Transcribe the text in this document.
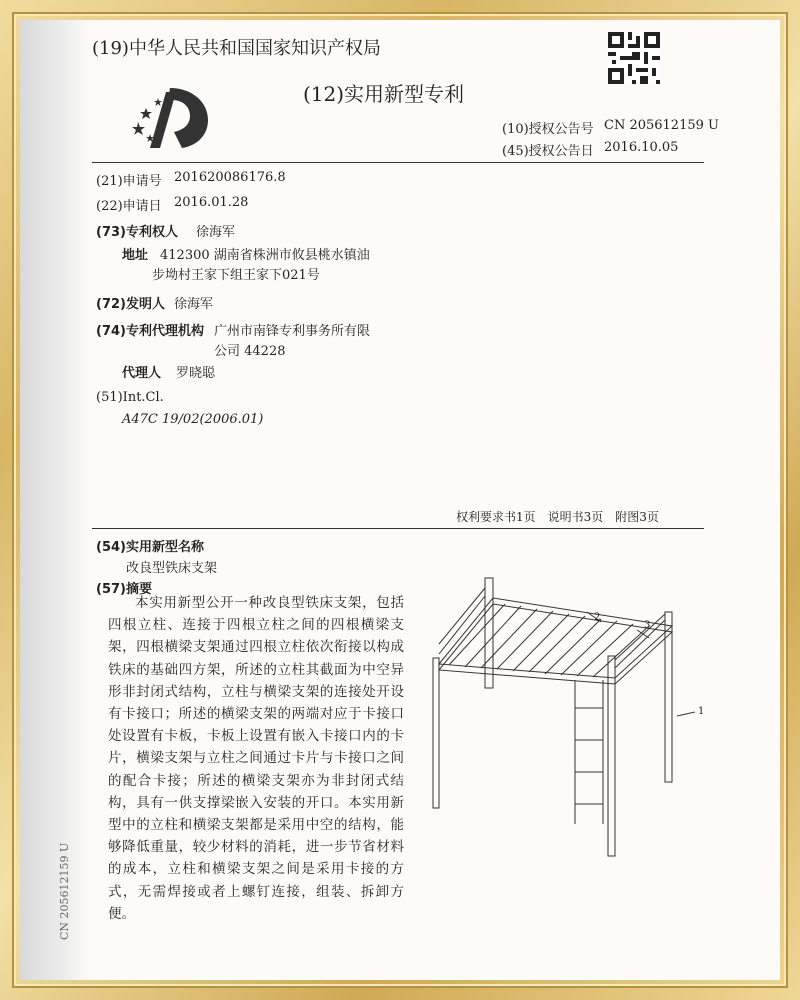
(19)中华人民共和国国家知识产权局
(12)实用新型专利
(10)授权公告号 CN 205612159 U
(45)授权公告日 2016.10.05
(21)申请号 201620086176.8
(22)申请日 2016.01.28
(73)专利权人 徐海军
地址 412300 湖南省株洲市攸县桃水镇油
步坳村王家下组王家下021号
(72)发明人 徐海军
(74)专利代理机构 广州市南锋专利事务所有限
公司 44228
代理人 罗晓聪
(51)Int.Cl.
A47C 19/02(2006.01)
权利要求书1页　说明书3页　附图3页
(54)实用新型名称
改良型铁床支架
(57)摘要
本实用新型公开一种改良型铁床支架，包括四根立柱、连接于四根立柱之间的四根横梁支架，四根横梁支架通过四根立柱依次衔接以构成铁床的基础四方架，所述的立柱其截面为中空异形非封闭式结构，立柱与横梁支架的连接处开设有卡接口；所述的横梁支架的两端对应于卡接口处设置有卡板，卡板上设置有嵌入卡接口内的卡片，横梁支架与立柱之间通过卡片与卡接口之间的配合卡接；所述的横梁支架亦为非封闭式结构，具有一供支撑梁嵌入安装的开口。本实用新型中的立柱和横梁支架都是采用中空的结构，能够降低重量，较少材料的消耗，进一步节省材料的成本，立柱和横梁支架之间是采用卡接的方式，无需焊接或者上螺钉连接，组装、拆卸方便。
2
3
1
CN 205612159 U
